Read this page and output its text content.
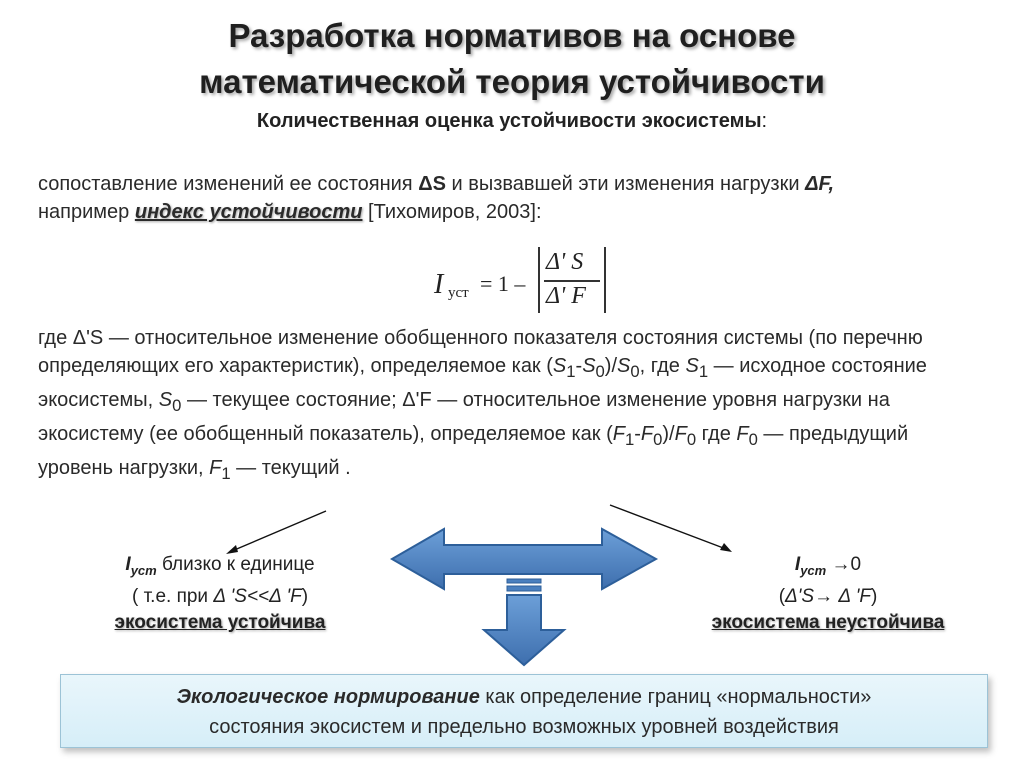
Разработка нормативов на основе
математической теория устойчивости
Количественная оценка устойчивости экосистемы:
сопоставление изменений ее состояния ΔS и вызвавшей эти изменения нагрузки ΔF,
например индекс устойчивости [Тихомиров, 2003]:
I уст = 1 –
Δ' S
Δ' F
где Δ'S — относительное изменение обобщенного показателя состояния системы (по перечню определяющих его характеристик), определяемое как $(S_1-S_0)/S_0$, где $S_1$ — исходное состояние экосистемы, $S_0$ — текущее состояние; Δ'F — относительное изменение уровня нагрузки на экосистему (ее обобщенный показатель), определяемое как $(F_1-F_0)/F_0$ где $F_0$ — предыдущий уровень нагрузки, $F_1$ — текущий .
$I_{уст}$ близко к единице
( т.е. при Δ 'S<<Δ 'F)
экосистема устойчива
$I_{уст} \to 0$
(Δ'S→ Δ 'F)
экосистема неустойчива
Экологическое нормирование как определение границ «нормальности»
состояния экосистем и предельно возможных уровней воздействия
